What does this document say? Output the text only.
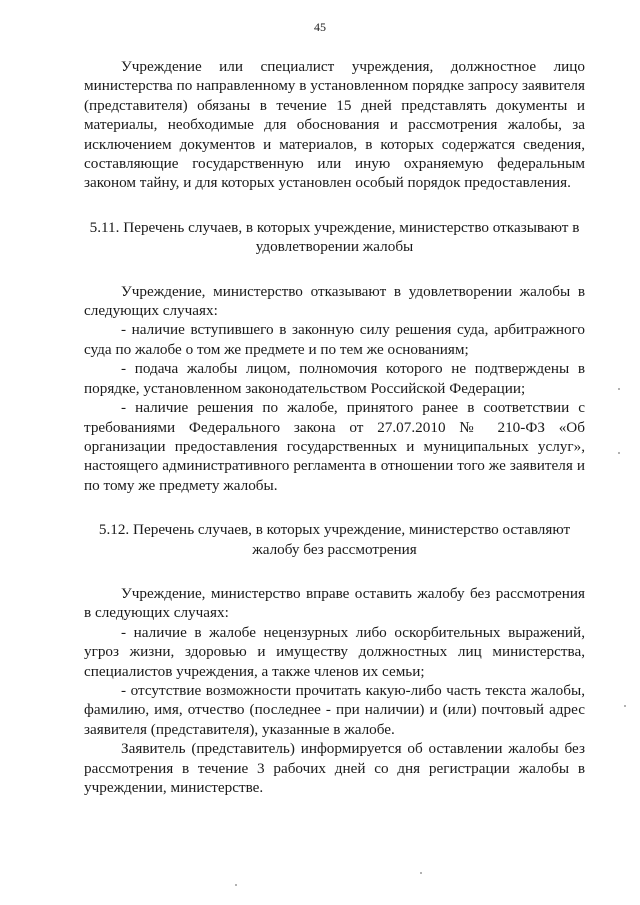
45

Учреждение или специалист учреждения, должностное лицо министерства по направленному в установленном порядке запросу заявителя (представителя) обязаны в течение 15 дней представлять документы и материалы, необходимые для обоснования и рассмотрения жалобы, за исключением документов и материалов, в которых содержатся сведения, составляющие государственную или иную охраняемую федеральным законом тайну, и для которых установлен особый порядок предоставления.

5.11. Перечень случаев, в которых учреждение, министерство отказывают в удовлетворении жалобы

Учреждение, министерство отказывают в удовлетворении жалобы в следующих случаях:

- наличие вступившего в законную силу решения суда, арбитражного суда по жалобе о том же предмете и по тем же основаниям;

- подача жалобы лицом, полномочия которого не подтверждены в порядке, установленном законодательством Российской Федерации;

- наличие решения по жалобе, принятого ранее в соответствии с требованиями Федерального закона от 27.07.2010 № 210-ФЗ «Об организации предоставления государственных и муниципальных услуг», настоящего административного регламента в отношении того же заявителя и по тому же предмету жалобы.

5.12. Перечень случаев, в которых учреждение, министерство оставляют жалобу без рассмотрения

Учреждение, министерство вправе оставить жалобу без рассмотрения в следующих случаях:

- наличие в жалобе нецензурных либо оскорбительных выражений, угроз жизни, здоровью и имуществу должностных лиц министерства, специалистов учреждения, а также членов их семьи;

- отсутствие возможности прочитать какую-либо часть текста жалобы, фамилию, имя, отчество (последнее - при наличии) и (или) почтовый адрес заявителя (представителя), указанные в жалобе.

Заявитель (представитель) информируется об оставлении жалобы без рассмотрения в течение 3 рабочих дней со дня регистрации жалобы в учреждении, министерстве.
